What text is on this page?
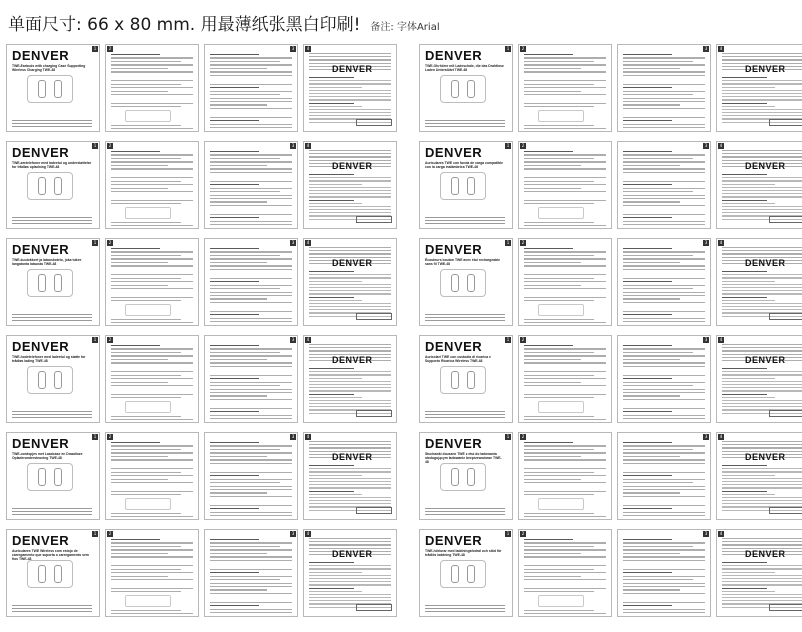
单面尺寸: 66 x 80 mm. 用最薄纸张黑白印刷! 备注: 字体Arial
DENVER
TWE-Earbuds with charging Case Supporting Wireless Charging TWE-48
1	2	3
DENVER
4	DENVER
TWE-Ohrhörer mit Ladeschale, die das Drahtlose Laden Unterstützt TWE-48
1	2	3
DENVER
4
DENVER
TWE-øretelefoner med ladeetui og understøttelse for trådløs opladning TWE-48
1	2	3
DENVER
4	DENVER
Auriculares TWE con funda de carga compatible con la carga inalámbrica TWE-48
1	2	3
DENVER
4
DENVER
TWE-kuulokkeet ja latauskotelo, joka tukee langatonta latausta TWE-48
1	2	3
DENVER
4	DENVER
Écouteurs bouton TWE avec étui rechargeable sans fil TWE-48
1	2	3
DENVER
4
DENVER
TWE-hodetelefoner med ladeetui og støtte for trådløs lading TWE-48
1	2	3
DENVER
4	DENVER
Auricolari TWE con custodia di ricarica e Supporto Ricarica Wireless TWE-48
1	2	3
DENVER
4
DENVER
TWE-oordopjes met Laadcase en Draadloze Opladerondersteuning TWE-48
1	2	3
DENVER
4	DENVER
Słuchawki douszne TWE z etui do ładowania obsługującym ładowanie bezprzewodowe TWE-48
1	2	3
DENVER
4
DENVER
Auriculares TWE Wireless com estojo de carregamento que suporta o carregamento sem fios TWE-48
1	2	3
DENVER
4	DENVER
TWE-hörlurar med laddningsfodral och stöd för trådlös laddning TWE-48
1	2	3
DENVER
4
